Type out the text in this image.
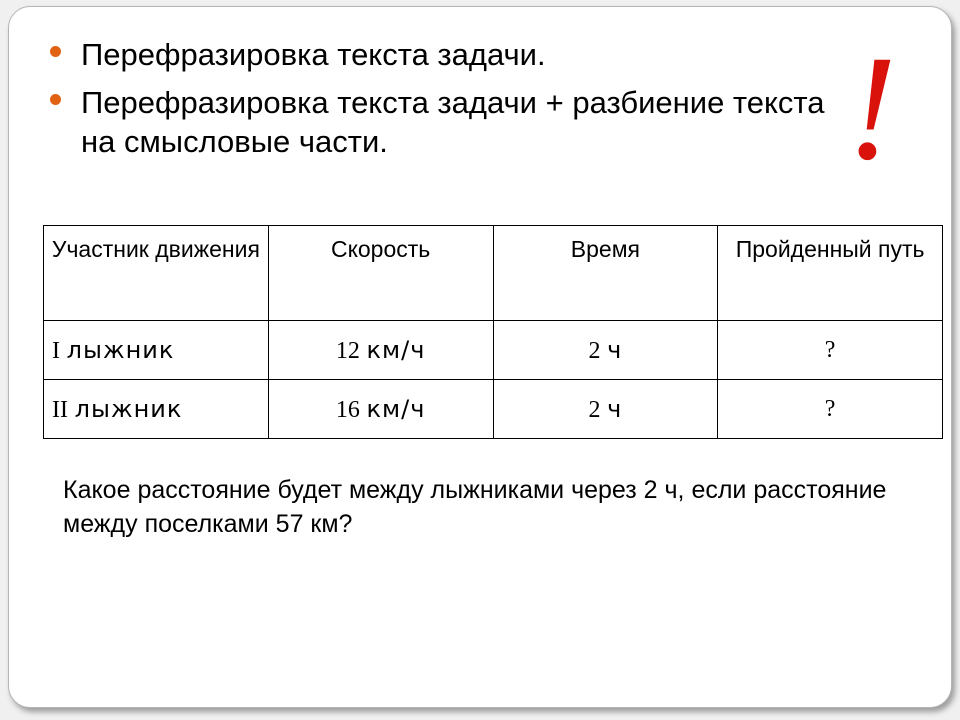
Перефразировка текста задачи.
Перефразировка текста задачи + разбиение текста на смысловые части.	!
Участник движения	Скорость	Время	Пройденный путь
I лыжник	12 км/ч	2 ч	?
II лыжник	16 км/ч	2 ч	?

Какое расстояние будет между лыжниками через 2 ч, если расстояние между поселками 57 км?
